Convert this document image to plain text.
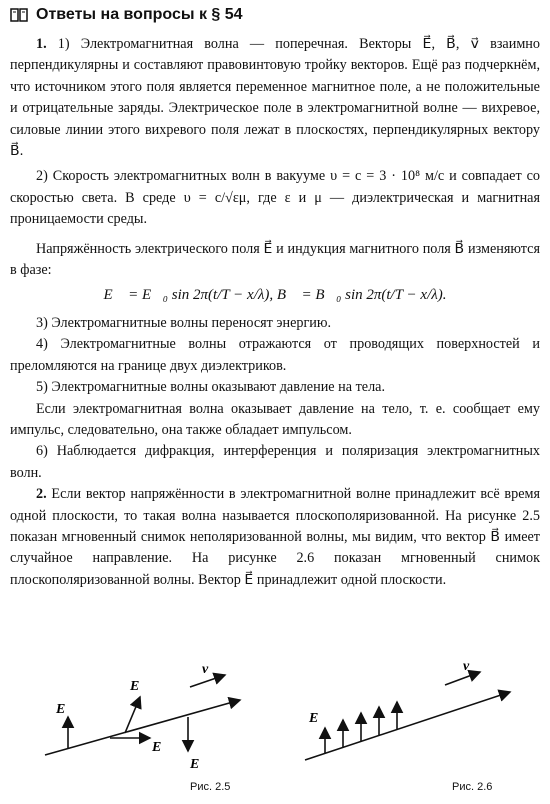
Ответы на вопросы к § 54

1. 1) Электромагнитная волна — поперечная. Векторы E⃗, B⃗, v⃗ взаимно перпендикулярны и составляют правовинтовую тройку векторов. Ещё раз подчеркнём, что источником этого поля является переменное магнитное поле, а не положительные и отрицательные заряды. Электрическое поле в электромагнитной волне — вихревое, силовые линии этого вихревого поля лежат в плоскостях, перпендикулярных вектору B⃗.

2) Скорость электромагнитных волн в вакууме υ = c = 3 · 10⁸ м/с и совпадает со скоростью света. В среде υ = c/√εμ, где ε и μ — диэлектрическая и магнитная проницаемости среды.

Напряжённость электрического поля E⃗ и индукция магнитного поля B⃗ изменяются в фазе:

E⃗ = E⃗₀ sin 2π(t/T − x/λ), B⃗ = B⃗₀ sin 2π(t/T − x/λ).

3) Электромагнитные волны переносят энергию.

4) Электромагнитные волны отражаются от проводящих поверхностей и преломляются на границе двух диэлектриков.

5) Электромагнитные волны оказывают давление на тела.

Если электромагнитная волна оказывает давление на тело, т. е. сообщает ему импульс, следовательно, она также обладает импульсом.

6) Наблюдается дифракция, интерференция и поляризация электромагнитных волн.

2. Если вектор напряжённости в электромагнитной волне принадлежит всё время одной плоскости, то такая волна называется плоскополяризованной. На рисунке 2.5 показан мгновенный снимок неполяризованной волны, мы видим, что вектор B⃗ имеет случайное направление. На рисунке 2.6 показан мгновенный снимок плоскополяризованной волны. Вектор E⃗ принадлежит одной плоскости.

E
E
E
E
v
Рис. 2.5
E
v
Рис. 2.6
